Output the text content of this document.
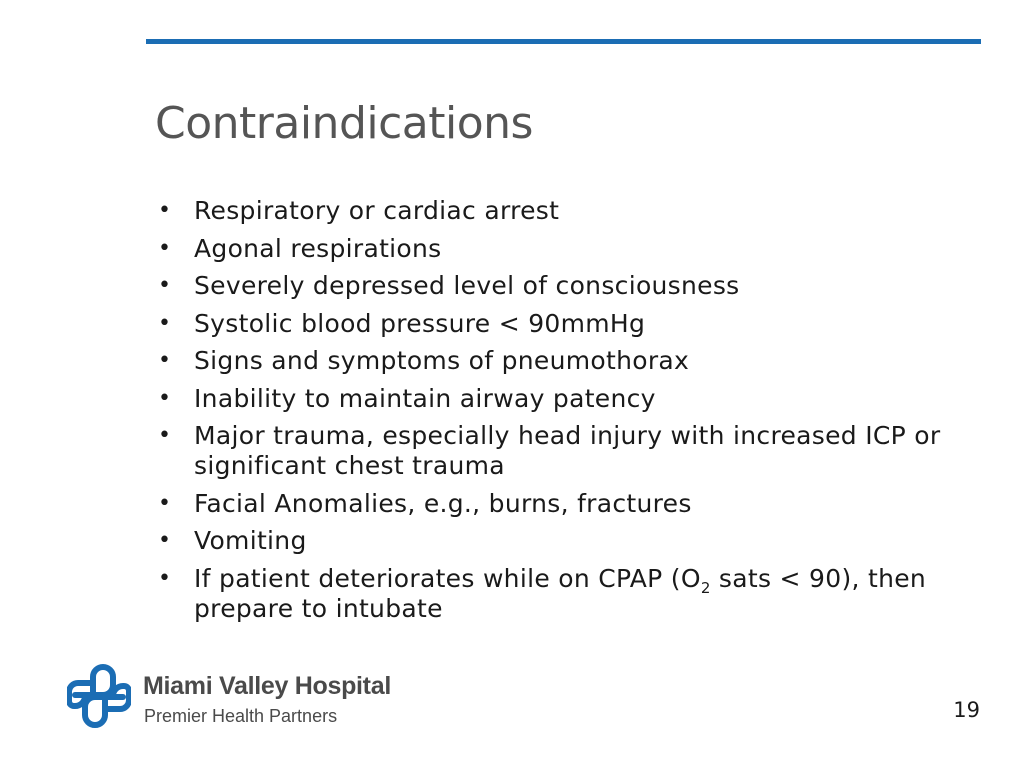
Contraindications
• Respiratory or cardiac arrest
• Agonal respirations
• Severely depressed level of consciousness
• Systolic blood pressure < 90mmHg
• Signs and symptoms of pneumothorax
• Inability to maintain airway patency
• Major trauma, especially head injury with increased ICP or significant chest trauma
• Facial Anomalies, e.g., burns, fractures
• Vomiting
• If patient deteriorates while on CPAP ($O_2$ sats < 90), then prepare to intubate
Miami Valley Hospital
Premier Health Partners	19
